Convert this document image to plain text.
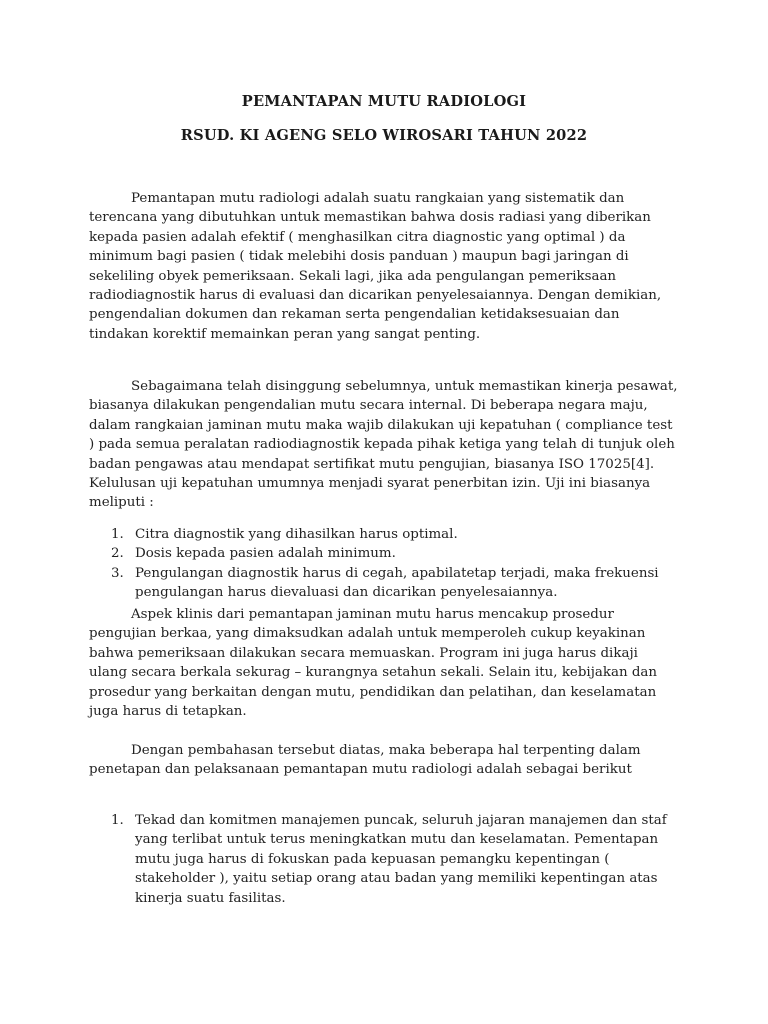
PEMANTAPAN MUTU RADIOLOGI
RSUD. KI AGENG SELO WIROSARI TAHUN 2022

Pemantapan mutu radiologi adalah suatu rangkaian yang sistematik dan terencana yang dibutuhkan untuk memastikan bahwa dosis radiasi yang diberikan kepada pasien adalah efektif ( menghasilkan citra diagnostic yang optimal ) da minimum bagi pasien ( tidak melebihi dosis panduan ) maupun bagi jaringan di sekeliling obyek pemeriksaan. Sekali lagi, jika ada pengulangan pemeriksaan radiodiagnostik harus di evaluasi dan dicarikan penyelesaiannya. Dengan demikian, pengendalian dokumen dan rekaman serta pengendalian ketidaksesuaian dan tindakan korektif memainkan peran yang sangat penting.

Sebagaimana telah disinggung sebelumnya, untuk memastikan kinerja pesawat, biasanya dilakukan pengendalian mutu secara internal. Di beberapa negara maju, dalam rangkaian jaminan mutu maka wajib dilakukan uji kepatuhan ( compliance test ) pada semua peralatan radiodiagnostik kepada pihak ketiga yang telah di tunjuk oleh badan pengawas atau mendapat sertifikat mutu pengujian, biasanya ISO 17025[4]. Kelulusan uji kepatuhan umumnya menjadi syarat penerbitan izin. Uji ini biasanya meliputi :

1. Citra diagnostik yang dihasilkan harus optimal.
2. Dosis kepada pasien adalah minimum.
3. Pengulangan diagnostik harus di cegah, apabilatetap terjadi, maka frekuensi pengulangan harus dievaluasi dan dicarikan penyelesaiannya.

Aspek klinis dari pemantapan jaminan mutu harus mencakup prosedur pengujian berkaa, yang dimaksudkan adalah untuk memperoleh cukup keyakinan bahwa pemeriksaan dilakukan secara memuaskan. Program ini juga harus dikaji ulang secara berkala sekurag – kurangnya setahun sekali. Selain itu, kebijakan dan prosedur yang berkaitan dengan mutu, pendidikan dan pelatihan, dan keselamatan juga harus di tetapkan.

Dengan pembahasan tersebut diatas, maka beberapa hal terpenting dalam penetapan dan pelaksanaan pemantapan mutu radiologi adalah sebagai berikut

1. Tekad dan komitmen manajemen puncak, seluruh jajaran manajemen dan staf yang terlibat untuk terus meningkatkan mutu dan keselamatan. Pementapan mutu juga harus di fokuskan pada kepuasan pemangku kepentingan ( stakeholder ), yaitu setiap orang atau badan yang memiliki kepentingan atas kinerja suatu fasilitas.
